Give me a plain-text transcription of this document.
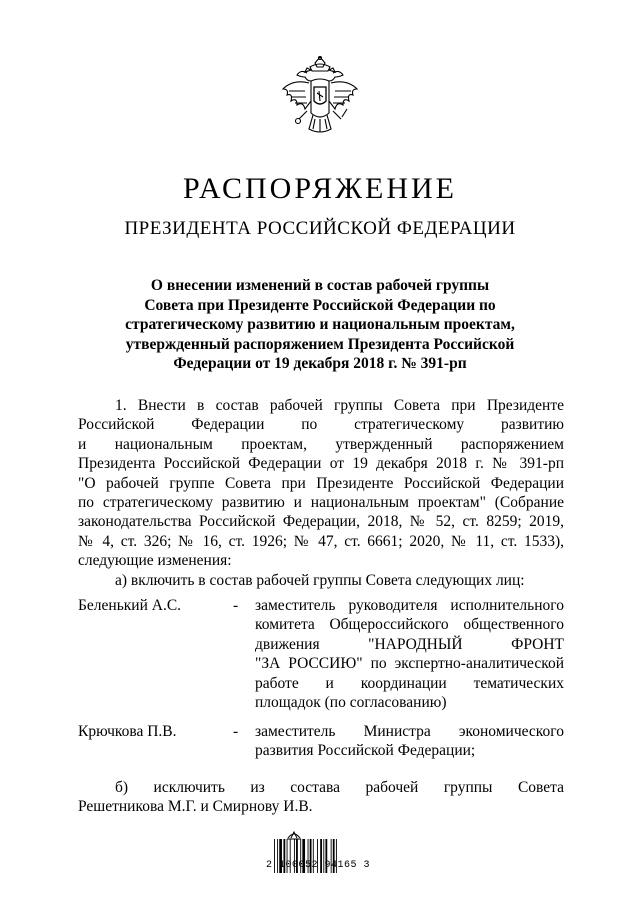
РАСПОРЯЖЕНИЕ
ПРЕЗИДЕНТА РОССИЙСКОЙ ФЕДЕРАЦИИ
О внесении изменений в состав рабочей группы
Совета при Президенте Российской Федерации по
стратегическому развитию и национальным проектам,
утвержденный распоряжением Президента Российской
Федерации от 19 декабря 2018 г. № 391-рп
1. Внести в состав рабочей группы Совета при Президенте
Российской Федерации по стратегическому развитию
и национальным проектам, утвержденный распоряжением
Президента Российской Федерации от 19 декабря 2018 г. № 391-рп
"О рабочей группе Совета при Президенте Российской Федерации
по стратегическому развитию и национальным проектам" (Собрание
законодательства Российской Федерации, 2018, № 52, ст. 8259; 2019,
№ 4, ст. 326; № 16, ст. 1926; № 47, ст. 6661; 2020, № 11, ст. 1533),
следующие изменения:
а) включить в состав рабочей группы Совета следующих лиц:
Беленький А.С.	- заместитель руководителя исполнительного
комитета Общероссийского общественного
движения "НАРОДНЫЙ ФРОНТ
"ЗА РОССИЮ" по экспертно-аналитической
работе и координации тематических
площадок (по согласованию)
Крючкова П.В.	- заместитель Министра экономического
развития Российской Федерации;
б) исключить из состава рабочей группы Совета
Решетникова М.Г. и Смирнову И.В.
2 100052 94165 3
